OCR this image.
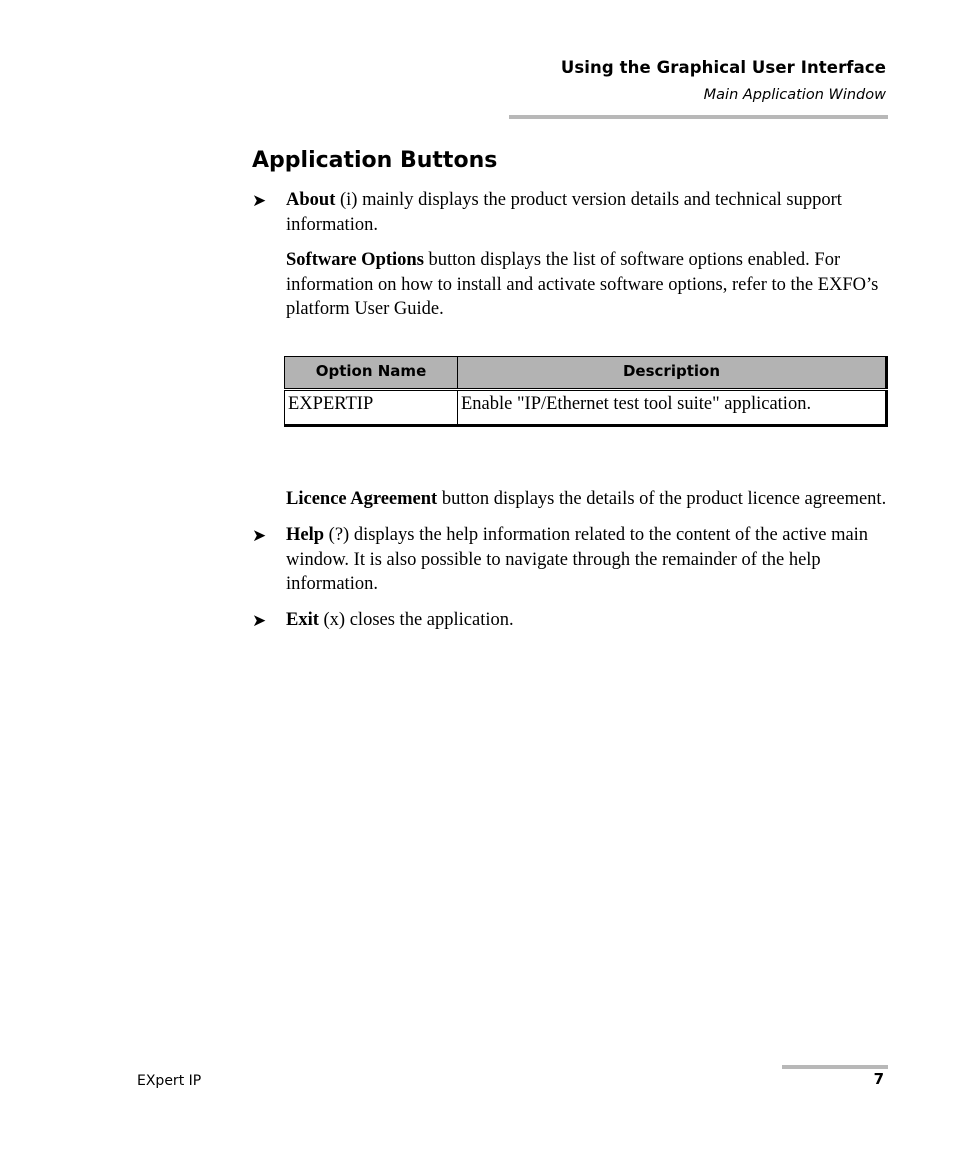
Using the Graphical User Interface
Main Application Window
Application Buttons
➤ About (i) mainly displays the product version details and technical support information.
Software Options button displays the list of software options enabled. For information on how to install and activate software options, refer to the EXFO’s platform User Guide.
Option Name	Description
EXPERTIP	Enable "IP/Ethernet test tool suite" application.
Licence Agreement button displays the details of the product licence agreement.
➤ Help (?) displays the help information related to the content of the active main window. It is also possible to navigate through the remainder of the help information.
➤ Exit (x) closes the application.
EXpert IP	7
